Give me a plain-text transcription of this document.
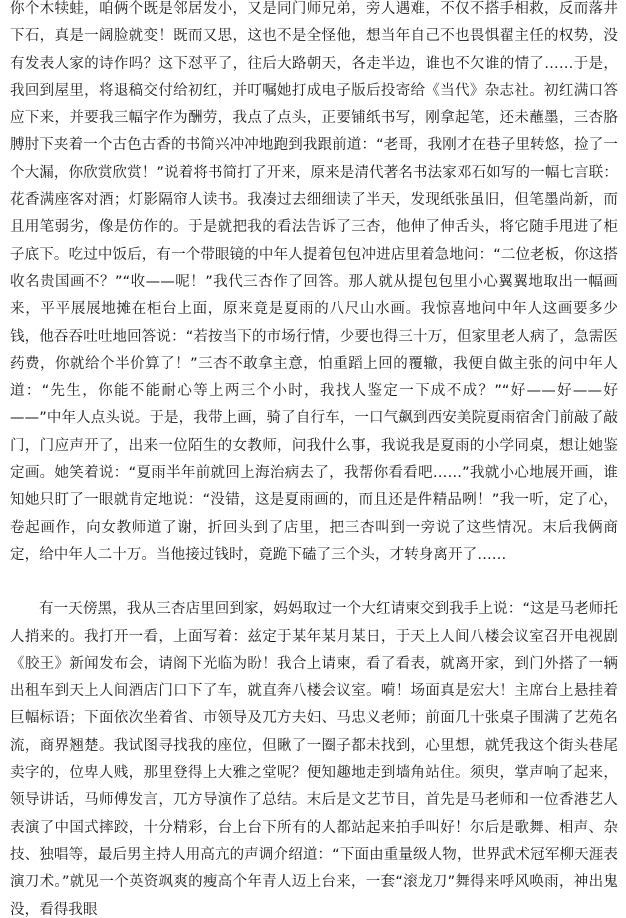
你个木犊蛙，咱俩个既是邻居发小，又是同门师兄弟，旁人遇难，不仅不搭手相救，反而落井下石，真是一阔脸就变！既而又思，这也不是全怪他，想当年自己不也畏惧翟主任的权势，没有发表人家的诗作吗？这下怼平了，往后大路朝天，各走半边，谁也不欠谁的情了……于是，我回到屋里，将退稿交付给初红，并叮嘱她打成电子版后投寄给《当代》杂志社。初红满口答应下来，并要我三幅字作为酬劳，我点了点头，正要铺纸书写，刚拿起笔，还未蘸墨，三杏胳膊肘下夹着一个古色古香的书简兴冲冲地跑到我跟前道：“老哥，我刚才在巷子里转悠，捡了一个大漏，你欣赏欣赏！”说着将书简打了开来，原来是清代著名书法家邓石如写的一幅七言联：花香满座客对酒；灯影隔帘人读书。我凑过去细细读了半天，发现纸张虽旧，但笔墨尚新，而且用笔弱劣，像是仿作的。于是就把我的看法告诉了三杏，他伸了伸舌头，将它随手甩进了柜子底下。吃过中饭后，有一个带眼镜的中年人提着包包冲进店里着急地问：“二位老板，你这搭收名贵国画不？”“收——呢！”我代三杏作了回答。那人就从提包包里小心翼翼地取出一幅画来，平平展展地摊在柜台上面，原来竟是夏雨的八尺山水画。我惊喜地问中年人这画要多少钱，他吞吞吐吐地回答说：“若按当下的市场行情，少要也得三十万，但家里老人病了，急需医药费，你就给个半价算了！”三杏不敢拿主意，怕重蹈上回的覆辙，我便自做主张的问中年人道：“先生，你能不能耐心等上两三个小时，我找人鉴定一下成不成？”“好——好——好——”中年人点头说。于是，我带上画，骑了自行车，一口气飙到西安美院夏雨宿舍门前敲了敲门，门应声开了，出来一位陌生的女教师，问我什么事，我说我是夏雨的小学同桌，想让她鉴定画。她笑着说：“夏雨半年前就回上海治病去了，我帮你看看吧……”我就小心地展开画，谁知她只盯了一眼就肯定地说：“没错，这是夏雨画的，而且还是件精品咧！”我一听，定了心，卷起画作，向女教师道了谢，折回头到了店里，把三杏叫到一旁说了这些情况。末后我俩商定，给中年人二十万。当他接过钱时，竟跪下磕了三个头，才转身离开了……

有一天傍黑，我从三杏店里回到家，妈妈取过一个大红请柬交到我手上说：“这是马老师托人捎来的。我打开一看，上面写着：兹定于某年某月某日，于天上人间八楼会议室召开电视剧《胶王》新闻发布会，请阁下光临为盼！我合上请柬，看了看表，就离开家，到门外搭了一辆出租车到天上人间酒店门口下了车，就直奔八楼会议室。嗬！场面真是宏大！主席台上悬挂着巨幅标语；下面依次坐着省、市领导及兀方夫妇、马忠义老师；前面几十张桌子围满了艺苑名流，商界翘楚。我试图寻找我的座位，但瞅了一圈子都未找到，心里想，就凭我这个街头巷尾卖字的，位卑人贱，那里登得上大雅之堂呢？便知趣地走到墙角站住。须臾，掌声响了起来，领导讲话，马师傅发言，兀方导演作了总结。末后是文艺节目，首先是马老师和一位香港艺人表演了中国式摔跤，十分精彩，台上台下所有的人都站起来拍手叫好！尔后是歌舞、相声、杂技、独唱等，最后男主持人用高亢的声调介绍道：“下面由重量级人物，世界武术冠军柳天涯表演刀术。”就见一个英资飒爽的瘦高个年青人迈上台来，一套“滚龙刀”舞得来呼风唤雨，神出鬼没，看得我眼
